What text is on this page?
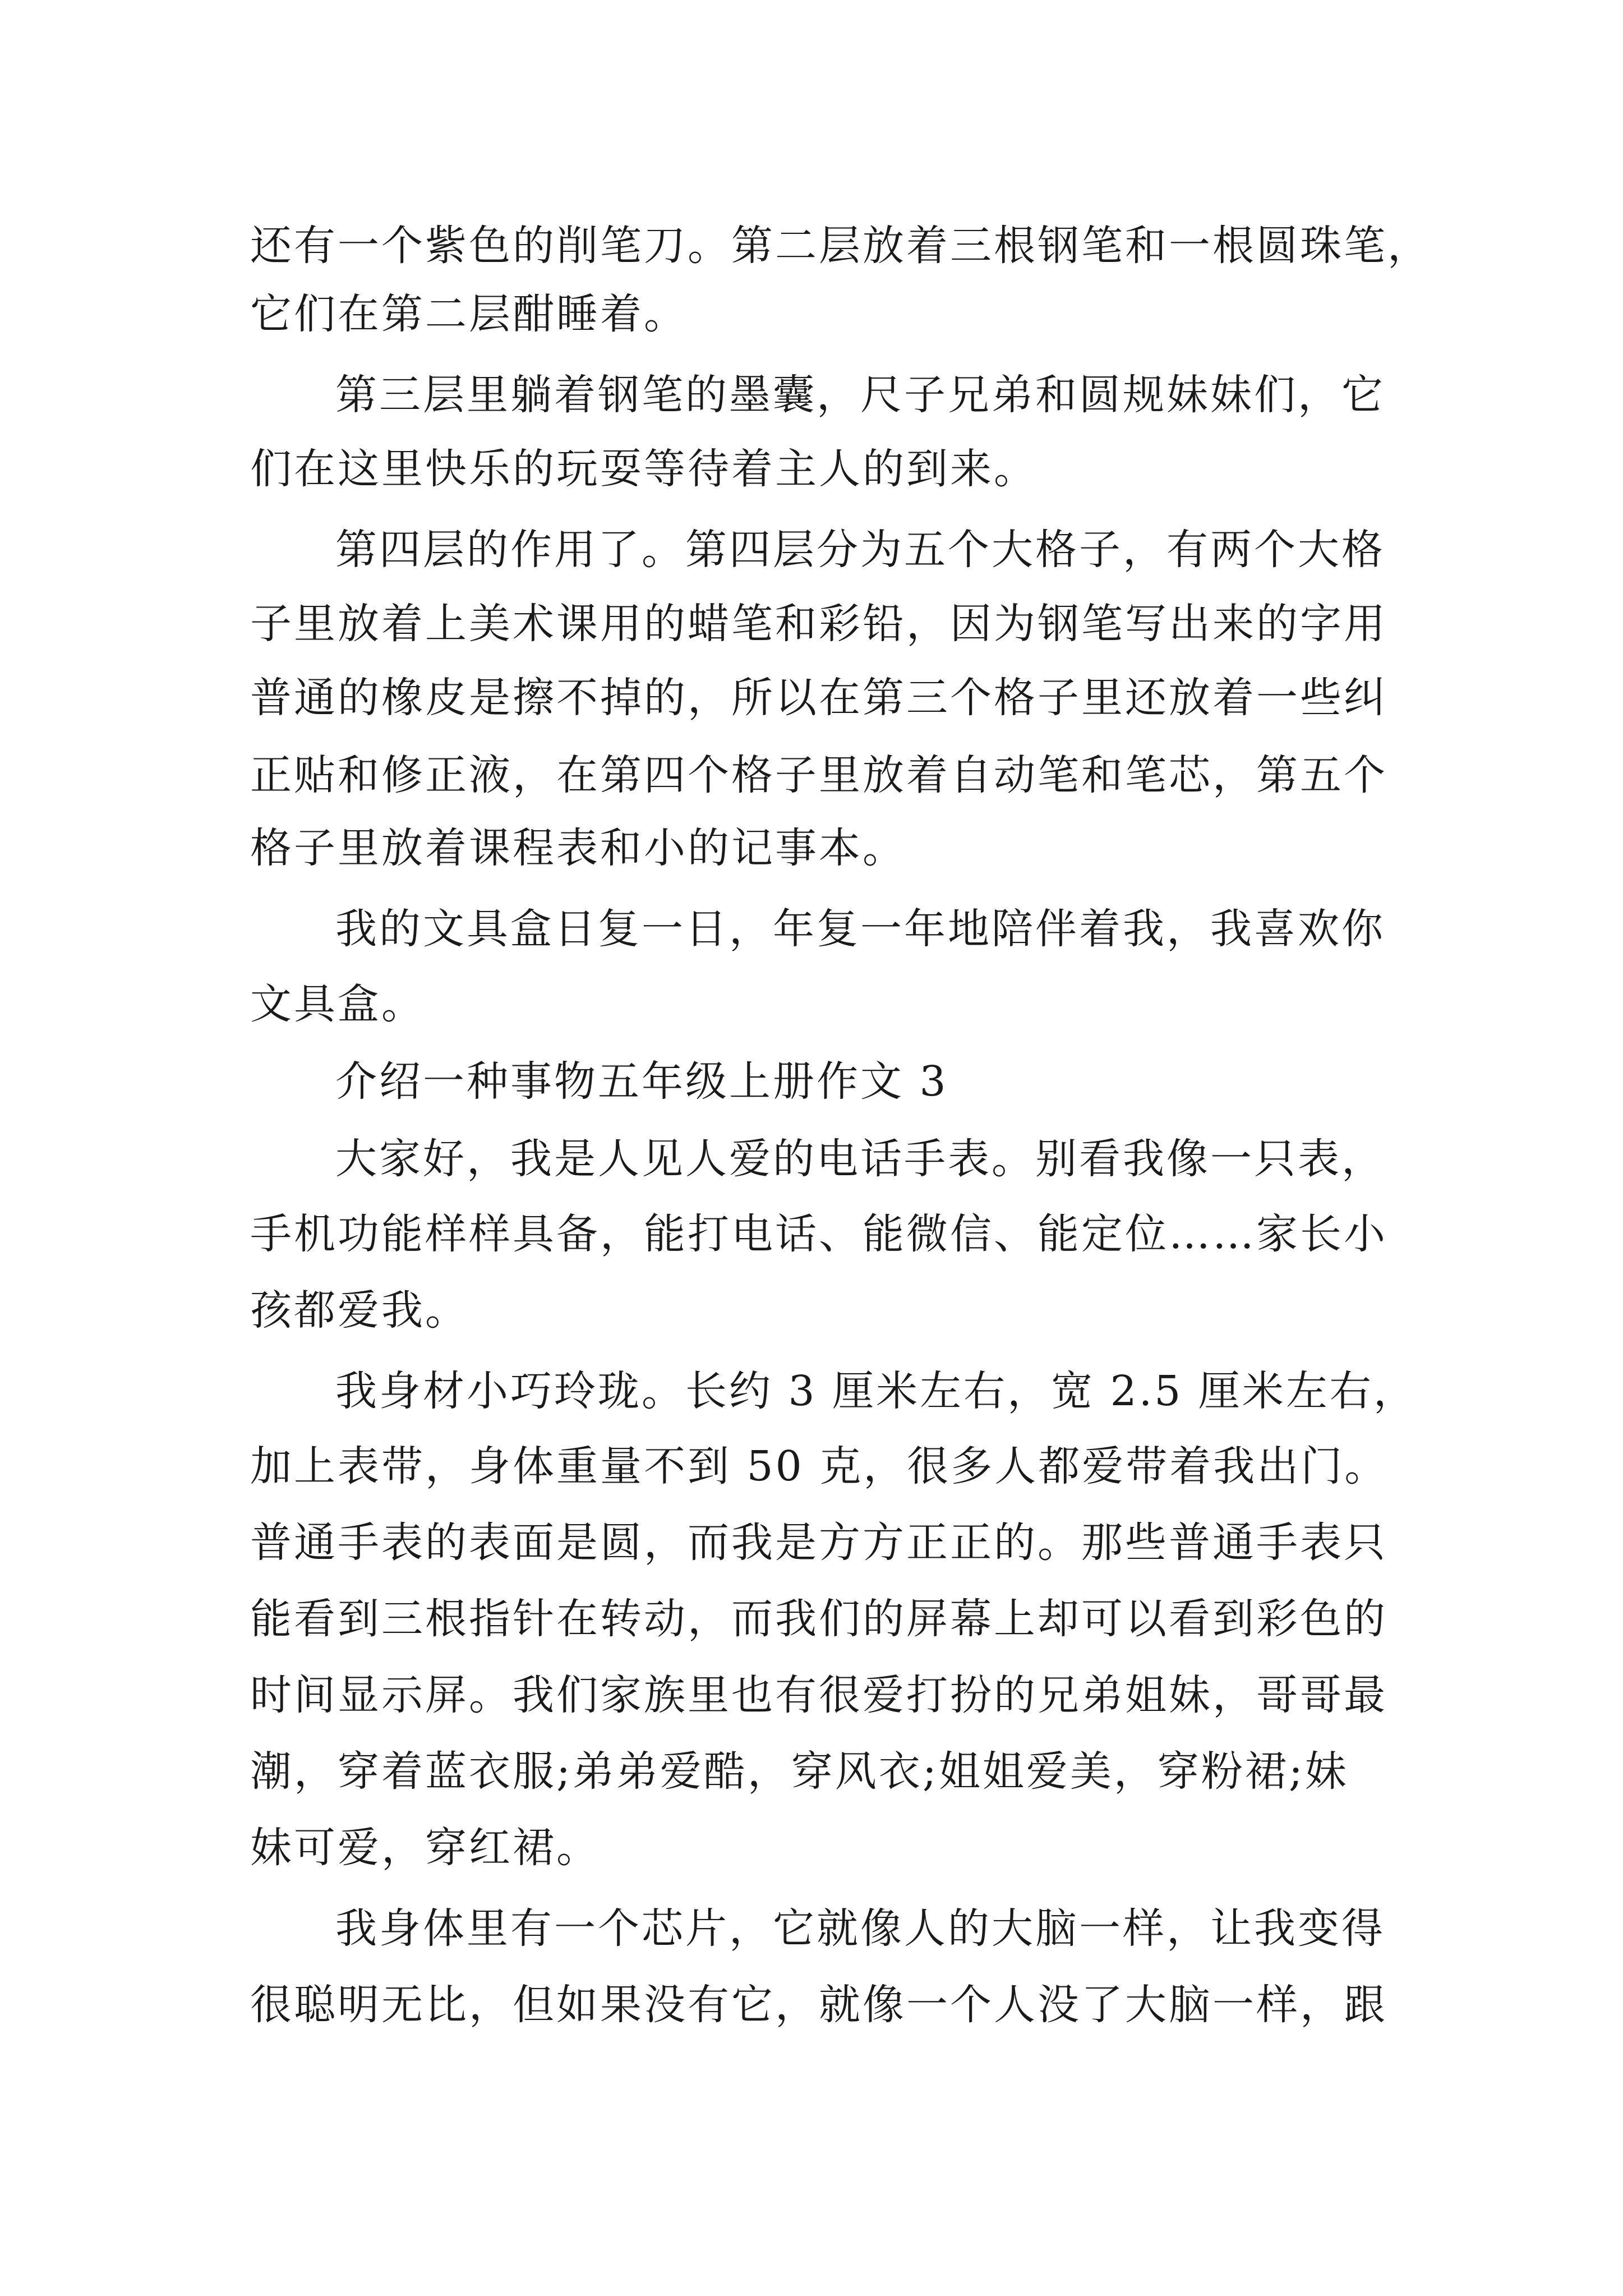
还有一个紫色的削笔刀。第二层放着三根钢笔和一根圆珠笔，
它们在第二层酣睡着。
第三层里躺着钢笔的墨囊，尺子兄弟和圆规妹妹们，它
们在这里快乐的玩耍等待着主人的到来。
第四层的作用了。第四层分为五个大格子，有两个大格
子里放着上美术课用的蜡笔和彩铅，因为钢笔写出来的字用
普通的橡皮是擦不掉的，所以在第三个格子里还放着一些纠
正贴和修正液，在第四个格子里放着自动笔和笔芯，第五个
格子里放着课程表和小的记事本。
我的文具盒日复一日，年复一年地陪伴着我，我喜欢你
文具盒。
介绍一种事物五年级上册作文 3
大家好，我是人见人爱的电话手表。别看我像一只表，
手机功能样样具备，能打电话、能微信、能定位……家长小
孩都爱我。
我身材小巧玲珑。长约 3 厘米左右，宽 2.5 厘米左右，
加上表带，身体重量不到 50 克，很多人都爱带着我出门。
普通手表的表面是圆，而我是方方正正的。那些普通手表只
能看到三根指针在转动，而我们的屏幕上却可以看到彩色的
时间显示屏。我们家族里也有很爱打扮的兄弟姐妹，哥哥最
潮，穿着蓝衣服;弟弟爱酷，穿风衣;姐姐爱美，穿粉裙;妹
妹可爱，穿红裙。
我身体里有一个芯片，它就像人的大脑一样，让我变得
很聪明无比，但如果没有它，就像一个人没了大脑一样，跟
